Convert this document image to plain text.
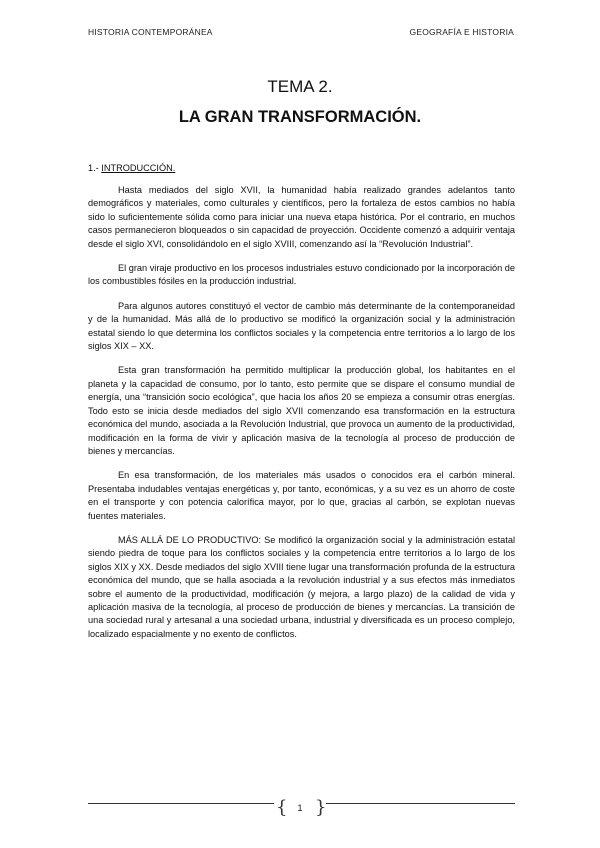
HISTORIA CONTEMPORÁNEA	GEOGRAFÍA E HISTORIA
TEMA 2.
LA GRAN TRANSFORMACIÓN.
1.- INTRODUCCIÓN.

Hasta mediados del siglo XVII, la humanidad había realizado grandes adelantos tanto demográficos y materiales, como culturales y científicos, pero la fortaleza de estos cambios no había sido lo suficientemente sólida como para iniciar una nueva etapa histórica. Por el contrario, en muchos casos permanecieron bloqueados o sin capacidad de proyección. Occidente comenzó a adquirir ventaja desde el siglo XVI, consolidándolo en el siglo XVIII, comenzando así la “Revolución Industrial”.

El gran viraje productivo en los procesos industriales estuvo condicionado por la incorporación de los combustibles fósiles en la producción industrial.

Para algunos autores constituyó el vector de cambio más determinante de la contemporaneidad y de la humanidad. Más allá de lo productivo se modificó la organización social y la administración estatal siendo lo que determina los conflictos sociales y la competencia entre territorios a lo largo de los siglos XIX – XX.

Esta gran transformación ha permitido multiplicar la producción global, los habitantes en el planeta y la capacidad de consumo, por lo tanto, esto permite que se dispare el consumo mundial de energía, una “transición socio ecológica”, que hacia los años 20 se empieza a consumir otras energías. Todo esto se inicia desde mediados del siglo XVII comenzando esa transformación en la estructura económica del mundo, asociada a la Revolución Industrial, que provoca un aumento de la productividad, modificación en la forma de vivir y aplicación masiva de la tecnología al proceso de producción de bienes y mercancías.

En esa transformación, de los materiales más usados o conocidos era el carbón mineral. Presentaba indudables ventajas energéticas y, por tanto, económicas, y a su vez es un ahorro de coste en el transporte y con potencia calorífica mayor, por lo que, gracias al carbón, se explotan nuevas fuentes materiales.

MÁS ALLÁ DE LO PRODUCTIVO: Se modificó la organización social y la administración estatal siendo piedra de toque para los conflictos sociales y la competencia entre territorios a lo largo de los siglos XIX y XX. Desde mediados del siglo XVIII tiene lugar una transformación profunda de la estructura económica del mundo, que se halla asociada a la revolución industrial y a sus efectos más inmediatos sobre el aumento de la productividad, modificación (y mejora, a largo plazo) de la calidad de vida y aplicación masiva de la tecnología, al proceso de producción de bienes y mercancías. La transición de una sociedad rural y artesanal a una sociedad urbana, industrial y diversificada es un proceso complejo, localizado espacialmente y no exento de conflictos.

{	1 }
